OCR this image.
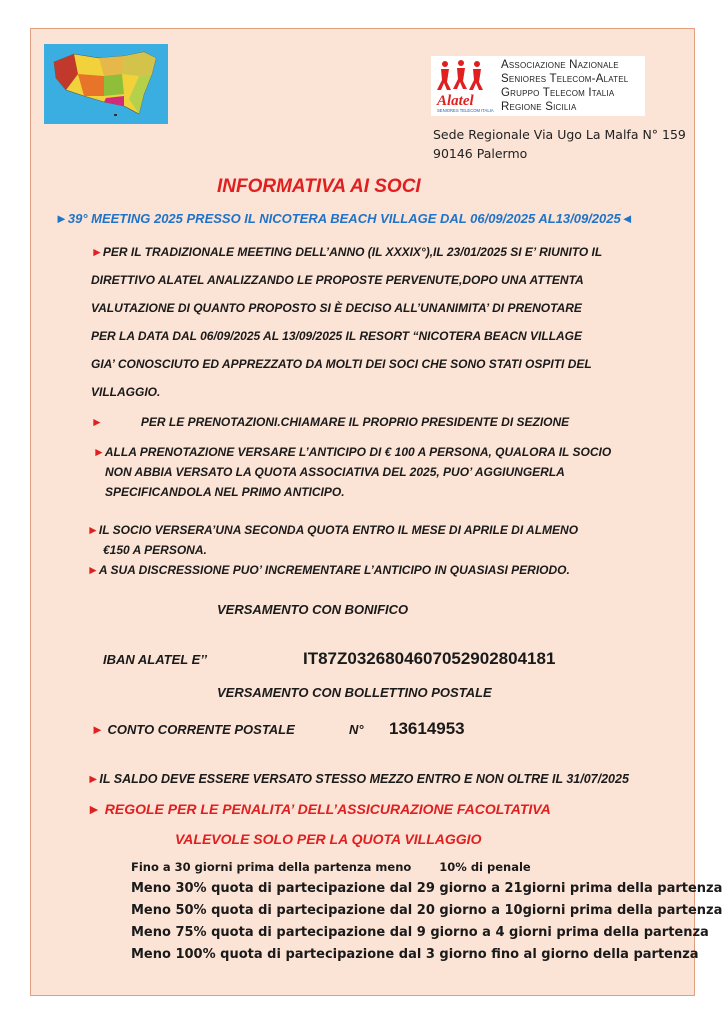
Alatel
SENIORES TELECOM ITALIA
Associazione Nazionale
Seniores Telecom-Alatel
Gruppo Telecom Italia
Regione Sicilia
Sede Regionale Via Ugo La Malfa N° 159
90146 Palermo
INFORMATIVA AI SOCI
►39° MEETING 2025 PRESSO IL NICOTERA BEACH VILLAGE DAL 06/09/2025 AL13/09/2025◄
►PER IL TRADIZIONALE MEETING DELL’ANNO (IL XXXIX°),IL 23/01/2025 SI E’ RIUNITO IL
DIRETTIVO ALATEL ANALIZZANDO LE PROPOSTE PERVENUTE,DOPO UNA ATTENTA
VALUTAZIONE DI QUANTO PROPOSTO SI È DECISO ALL’UNANIMITA’ DI PRENOTARE
PER LA DATA DAL 06/09/2025 AL 13/09/2025 IL RESORT “NICOTERA BEACN VILLAGE
GIA’ CONOSCIUTO ED APPREZZATO DA MOLTI DEI SOCI CHE SONO STATI OSPITI DEL
VILLAGGIO.
►	PER LE PRENOTAZIONI.CHIAMARE IL PROPRIO PRESIDENTE DI SEZIONE
►ALLA PRENOTAZIONE VERSARE L’ANTICIPO DI € 100 A PERSONA, QUALORA IL SOCIO
NON ABBIA VERSATO LA QUOTA ASSOCIATIVA DEL 2025, PUO’ AGGIUNGERLA
SPECIFICANDOLA NEL PRIMO ANTICIPO.
►IL SOCIO VERSERA’UNA SECONDA QUOTA ENTRO IL MESE DI APRILE DI ALMENO
€150 A PERSONA.
►A SUA DISCRESSIONE PUO’ INCREMENTARE L’ANTICIPO IN QUASIASI PERIODO.
VERSAMENTO CON BONIFICO
IBAN ALATEL E’’	IT87Z0326804607052902804181
VERSAMENTO CON BOLLETTINO POSTALE
► CONTO CORRENTE POSTALE	N° 13614953
►IL SALDO DEVE ESSERE VERSATO STESSO MEZZO ENTRO E NON OLTRE IL 31/07/2025
► REGOLE PER LE PENALITA’ DELL’ASSICURAZIONE FACOLTATIVA
VALEVOLE SOLO PER LA QUOTA VILLAGGIO
Fino a 30 giorni prima della partenza meno 10% di penale
Meno 30% quota di partecipazione dal 29 giorno a 21giorni prima della partenza
Meno 50% quota di partecipazione dal 20 giorno a 10giorni prima della partenza
Meno 75% quota di partecipazione dal 9 giorno a 4 giorni prima della partenza
Meno 100% quota di partecipazione dal 3 giorno fino al giorno della partenza
